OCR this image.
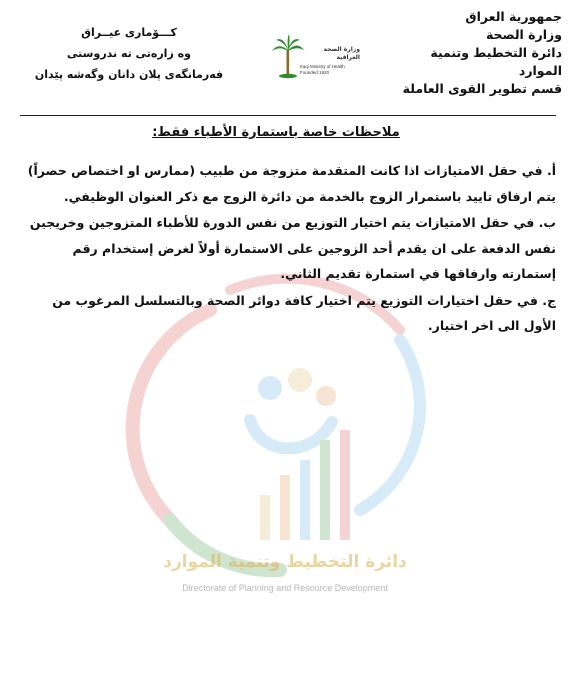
جمهورية العراق
وزارة الصحة
دائرة التخطيط وتنمية الموارد
قسم تطوير القوى العاملة
وزارة الصحة العراقية
Iraqi Ministry of Health
Founded 1920
كـــۆماری عيــراق
وه زارەتى ته ندروستى
فەرمانگەی پلان دانان وگەشە پێدان
دائرة التخطيط وتنمية الموارد
Directorate of Planning and Resource Development
ملاحظات خاصة باستمارة الأطباء فقط:
أ. في حقل الامتيازات اذا كانت المتقدمة متزوجة من طبيب (ممارس او اختصاص حصراً) يتم ارفاق تاييد باستمرار الزوج بالخدمة من دائرة الزوج مع ذكر العنوان الوظيفي.
ب. في حقل الامتيازات يتم اختيار التوزيع من نفس الدورة للأطباء المتزوجين وخريجين نفس الدفعة على ان يقدم أحد الزوجين على الاستمارة أولاً لغرض إستخدام رقم إستمارته وارفاقها في استمارة تقديم الثاني.
ج. في حقل اختيارات التوزيع يتم اختيار كافة دوائر الصحة وبالتسلسل المرغوب من الأول الى اخر اختيار.
